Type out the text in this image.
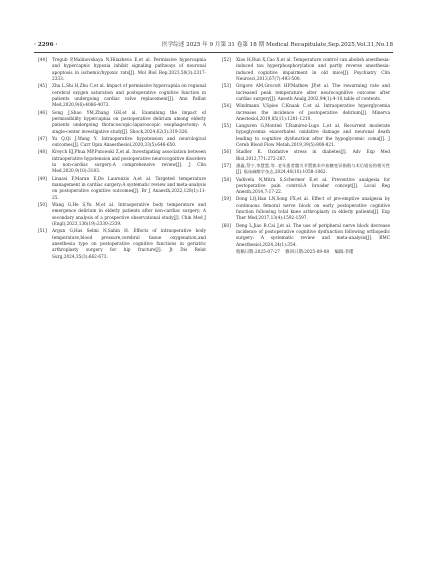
· 2296 ·	医学综述 2025 年 9 月第 31 卷第 18 期 Medical Recapitulate,Sep.2025,Vol.31,No.18
[44] Tregub P,Malinovskaya N,Hilazheva E,et al. Permissive hypercapnia and hypercapnic hypoxia inhibit signaling pathways of neuronal apoptosis in ischemic/hypoxic rats[J]. Mol Biol Rep,2023,50(3):2317-2333.
[45] Zhu L,Shi H,Zhu C,et al. Impact of permissive hypercapnia on regional cerebral oxygen saturation and postoperative cognitive function in patients undergoing cardiac valve replacement[J]. Ann Palliat Med,2020,9(6):4066-4073.
[46] Song J,Shao YM,Zhang GH,et al. Examining the impact of permissibility hypercapnia on postoperative delirium among elderly patients undergoing thoracoscopic-laparoscopic esophagectomy: A single-center investigative study[J]. Shock,2024,62(3):319-326.
[47] Yu Q,Qi J,Wang Y. Intraoperative hypotension and neurological outcomes[J]. Curr Opin Anaesthesiol,2020,33(5):646-650.
[48] Kreych EJ,Phua MP,Putowski Z,et al. Investigating association between intraoperative hypotension and postoperative neurocognitive disorders in non-cardiac surgery:A comprehensive review[J]. J Clin Med,2020,9(10):3183.
[49] Linassi F,Maran E,De Laurenzis A,et al. Targeted temperature management in cardiac surgery:A systematic review and meta-analysis on postoperative cognitive outcomes[J]. Br J Anaesth,2022,128(1):11-25.
[50] Wang G,He S,Yu M,et al. Intraoperative body temperature and emergence delirium in elderly patients after non-cardiac surgery; A secondary analysis of a prospective observational study[J]. Chin Med J (Engl),2023,136(19):2330-2339.
[51] Argun G,Has Selmi N,Sahin H. Effects of intraoperative body temperature,blood pressure,cerebral tissue oxygenation,and anesthesia type on postoperative cognitive functions in geriatric arthroplasty surgery for hip fracture[J]. Jt Dis Relat Surg,2024,35(3):662-673.
[52] Xiao H,Run X,Cao X,et al. Temperature control can abolish anesthesia-induced tau hyperphosphorylation and partly reverse anesthesia-induced cognitive impairment in old mice[J]. Psychiatry Clin Neurosci,2013,67(7):493-500.
[53] Grigore AM,Grocott HP,Mathew JP,et al. The rewarming rate and increased peak temperature alter neurocognitive outcome after cardiac surgery[J]. Anesth Analg,2002,94(1):4-10,table of contents.
[54] Windmann V,Spies C,Knaak C,et al. Intraoperative hyperglycemia increases the incidence of postoperative delirium[J]. Minerva Anestesiol,2019,85(11):1201-1210.
[55] Languren G,Montiel T,Ramirez-Lugo L,et al. Recurrent moderate hypoglycemia exacerbates oxidative damage and neuronal death leading to cognitive dysfunction after the hypoglycemic coma[J]. J Cereb Blood Flow Metab,2019,39(5):808-821.
[56] Stadler K. Oxidative stress in diabetes[J]. Adv Exp Med Biol,2012,771:272-287.
[57] 潘鑫,蔡宁,李慧慧,等. 老年患者髋关节置换术中血糖变异指数与术后谵妄的相关性[J]. 临床麻醉学杂志,2024,40(10):1058-1062.
[58] Vadivelu N,Mitra S,Schermer E,et al. Preventive analgesia for postoperative pain control:A broader concept[J]. Local Reg Anesth,2014,7:17-22.
[59] Dong LQ,Han LN,Song FX,et al. Effect of pre-emptive analgesia by continuous femoral nerve block on early postoperative cognitive function following total knee arthroplasty in elderly patients[J]. Exp Ther Med,2017,13(4):1592-1597.
[60] Deng L,Jiao B,Cai J,et al. The use of peripheral nerve block decrease incidence of postoperative cognitive dysfunction following orthopedic surgery: A systematic review and meta-analysis[J]. BMC Anesthesiol,2024,24(1):354.
收稿日期:2025-07-27 修回日期:2025-09-08 编辑:李瑾
